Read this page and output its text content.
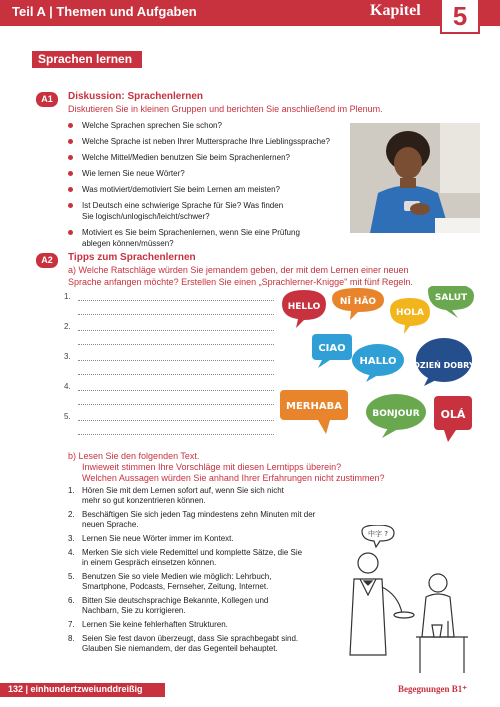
Teil A | Themen und Aufgaben	Kapitel	5
Sprachen lernen
A1	Diskussion: Sprachenlernen
Diskutieren Sie in kleinen Gruppen und berichten Sie anschließend im Plenum.
Welche Sprachen sprechen Sie schon?
Welche Sprache ist neben Ihrer Muttersprache Ihre Lieblingssprache?
Welche Mittel/Medien benutzen Sie beim Sprachenlernen?
Wie lernen Sie neue Wörter?
Was motiviert/demotiviert Sie beim Lernen am meisten?
Ist Deutsch eine schwierige Sprache für Sie? Was finden Sie logisch/unlogisch/leicht/schwer?
Motiviert es Sie beim Sprachenlernen, wenn Sie eine Prüfung ablegen können/müssen?
A2	Tipps zum Sprachenlernen
a) Welche Ratschläge würden Sie jemandem geben, der mit dem Lernen einer neuen Sprache anfangen möchte? Erstellen Sie einen „Sprachlerner-Knigge" mit fünf Regeln.
1.
2.
3.
4.
5.
HELLO NĪ HĂO
HOLA
SALUT
CIAO
HALLO DZIEŃ DOBRY
MERHABA
BONJOUR OLÁ
b) Lesen Sie den folgenden Text.
Inwieweit stimmen Ihre Vorschläge mit diesen Lerntipps überein?
Welchen Aussagen würden Sie anhand Ihrer Erfahrungen nicht zustimmen?
1. Hören Sie mit dem Lernen sofort auf, wenn Sie sich nicht mehr so gut konzentrieren können.
2. Beschäftigen Sie sich jeden Tag mindestens zehn Minuten mit der neuen Sprache.
3. Lernen Sie neue Wörter immer im Kontext.
4. Merken Sie sich viele Redemittel und komplette Sätze, die Sie in einem Gespräch einsetzen können.
5. Benutzen Sie so viele Medien wie möglich: Lehrbuch, Smartphone, Podcasts, Fernseher, Zeitung, Internet.
6. Bitten Sie deutschsprachige Bekannte, Kollegen und Nachbarn, Sie zu korrigieren.
7. Lernen Sie keine fehlerhaften Strukturen.
8. Seien Sie fest davon überzeugt, dass Sie sprachbegabt sind. Glauben Sie niemandem, der das Gegenteil behauptet.
中字 ?
132 | einhundertzweiunddreißig	Begegnungen B1⁺
